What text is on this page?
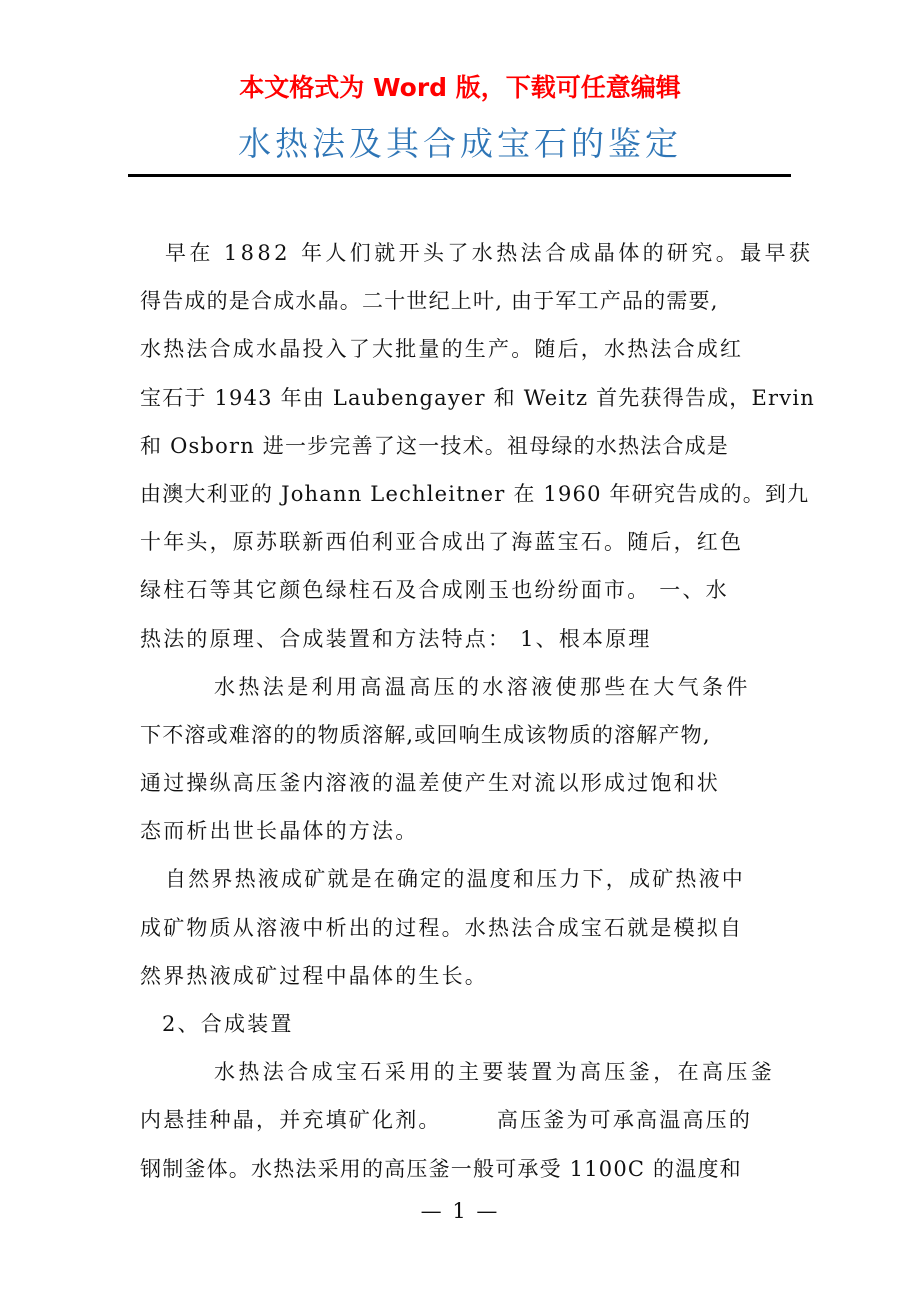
本文格式为 Word 版，下载可任意编辑
水热法及其合成宝石的鉴定
早在 1882 年人们就开头了水热法合成晶体的研究。最早获
得告成的是合成水晶。二十世纪上叶, 由于军工产品的需要,
水热法合成水晶投入了大批量的生产。随后，水热法合成红
宝石于 1943 年由 Laubengayer 和 Weitz 首先获得告成，Ervin
和 Osborn 进一步完善了这一技术。祖母绿的水热法合成是
由澳大利亚的 Johann Lechleitner 在 1960 年研究告成的。到九
十年头，原苏联新西伯利亚合成出了海蓝宝石。随后，红色
绿柱石等其它颜色绿柱石及合成刚玉也纷纷面市。 一、水
热法的原理、合成装置和方法特点： 1、根本原理
水热法是利用高温高压的水溶液使那些在大气条件
下不溶或难溶的的物质溶解,或回响生成该物质的溶解产物,
通过操纵高压釜内溶液的温差使产生对流以形成过饱和状
态而析出世长晶体的方法。
自然界热液成矿就是在确定的温度和压力下，成矿热液中
成矿物质从溶液中析出的过程。水热法合成宝石就是模拟自
然界热液成矿过程中晶体的生长。
2、合成装置
水热法合成宝石采用的主要装置为高压釜，在高压釜
内悬挂种晶，并充填矿化剂。 　　高压釜为可承高温高压的
钢制釜体。水热法采用的高压釜一般可承受 1100C 的温度和
— 1 —
